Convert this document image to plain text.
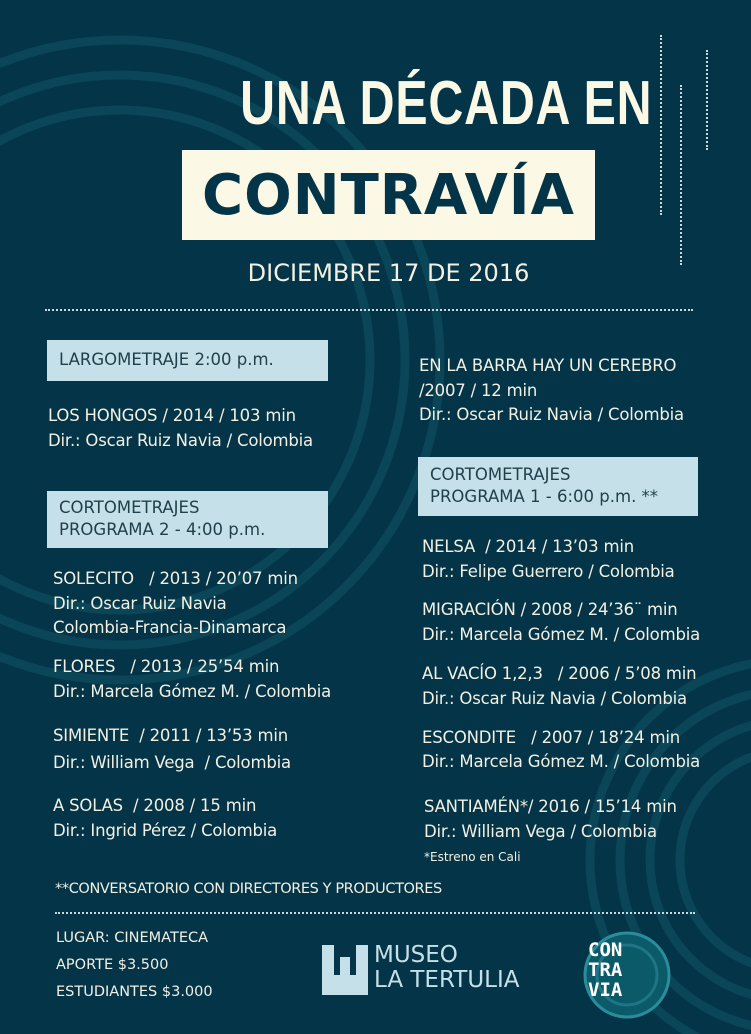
UNA DÉCADA EN
CONTRAVÍA
DICIEMBRE 17 DE 2016
LARGOMETRAJE 2:00 p.m.
LOS HONGOS / 2014 / 103 min
Dir.: Oscar Ruiz Navia / Colombia
CORTOMETRAJES
PROGRAMA 2 - 4:00 p.m.
SOLECITO   / 2013 / 20’07 min
Dir.: Oscar Ruiz Navia
Colombia-Francia-Dinamarca
FLORES   / 2013 / 25’54 min
Dir.: Marcela Gómez M. / Colombia
SIMIENTE  / 2011 / 13’53 min
Dir.: William Vega  / Colombia
A SOLAS  / 2008 / 15 min
Dir.: Ingrid Pérez / Colombia
EN LA BARRA HAY UN CEREBRO
/2007 / 12 min
Dir.: Oscar Ruiz Navia / Colombia
CORTOMETRAJES
PROGRAMA 1 - 6:00 p.m. **
NELSA  / 2014 / 13’03 min
Dir.: Felipe Guerrero / Colombia
MIGRACIÓN / 2008 / 24’36¨ min
Dir.: Marcela Gómez M. / Colombia
AL VACÍO 1,2,3   / 2006 / 5’08 min
Dir.: Oscar Ruiz Navia / Colombia
ESCONDITE   / 2007 / 18’24 min
Dir.: Marcela Gómez M. / Colombia
SANTIAMÉN*/ 2016 / 15’14 min
Dir.: William Vega / Colombia
*Estreno en Cali
**CONVERSATORIO CON DIRECTORES Y PRODUCTORES
LUGAR: CINEMATECA
APORTE $3.500
ESTUDIANTES $3.000
MUSEO
LA TERTULIA
CON
TRA
VIA
